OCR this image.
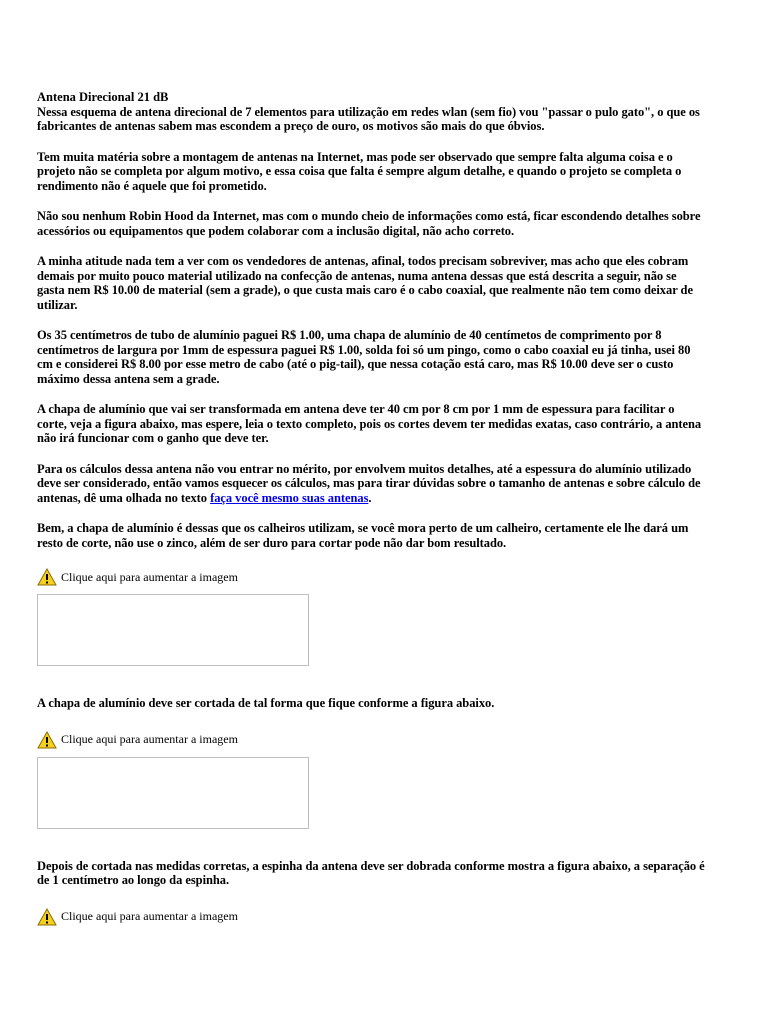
Antena Direcional 21 dB

Nessa esquema de antena direcional de 7 elementos para utilização em redes wlan (sem fio) vou "passar o pulo gato", o que os fabricantes de antenas sabem mas escondem a preço de ouro, os motivos são mais do que óbvios.

Tem muita matéria sobre a montagem de antenas na Internet, mas pode ser observado que sempre falta alguma coisa e o projeto não se completa por algum motivo, e essa coisa que falta é sempre algum detalhe, e quando o projeto se completa o rendimento não é aquele que foi prometido.

Não sou nenhum Robin Hood da Internet, mas com o mundo cheio de informações como está, ficar escondendo detalhes sobre acessórios ou equipamentos que podem colaborar com a inclusão digital, não acho correto.

A minha atitude nada tem a ver com os vendedores de antenas, afinal, todos precisam sobreviver, mas acho que eles cobram demais por muito pouco material utilizado na confecção de antenas, numa antena dessas que está descrita a seguir, não se gasta nem R$ 10.00 de material (sem a grade), o que custa mais caro é o cabo coaxial, que realmente não tem como deixar de utilizar.

Os 35 centímetros de tubo de alumínio paguei R$ 1.00, uma chapa de alumínio de 40 centímetos de comprimento por 8 centímetros de largura por 1mm de espessura paguei R$ 1.00, solda foi só um pingo, como o cabo coaxial eu já tinha, usei 80 cm e considerei R$ 8.00 por esse metro de cabo (até o pig-tail), que nessa cotação está caro, mas R$ 10.00 deve ser o custo máximo dessa antena sem a grade.

A chapa de alumínio que vai ser transformada em antena deve ter 40 cm por 8 cm por 1 mm de espessura para facilitar o corte, veja a figura abaixo, mas espere, leia o texto completo, pois os cortes devem ter medidas exatas, caso contrário, a antena não irá funcionar com o ganho que deve ter.

Para os cálculos dessa antena não vou entrar no mérito, por envolvem muitos detalhes, até a espessura do alumínio utilizado deve ser considerado, então vamos esquecer os cálculos, mas para tirar dúvidas sobre o tamanho de antenas e sobre cálculo de antenas, dê uma olhada no texto faça você mesmo suas antenas.

Bem, a chapa de alumínio é dessas que os calheiros utilizam, se você mora perto de um calheiro, certamente ele lhe dará um resto de corte, não use o zinco, além de ser duro para cortar pode não dar bom resultado.

Clique aqui para aumentar a imagem

A chapa de alumínio deve ser cortada de tal forma que fique conforme a figura abaixo.

Clique aqui para aumentar a imagem

Depois de cortada nas medidas corretas, a espinha da antena deve ser dobrada conforme mostra a figura abaixo, a separação é de 1 centímetro ao longo da espinha.

Clique aqui para aumentar a imagem
